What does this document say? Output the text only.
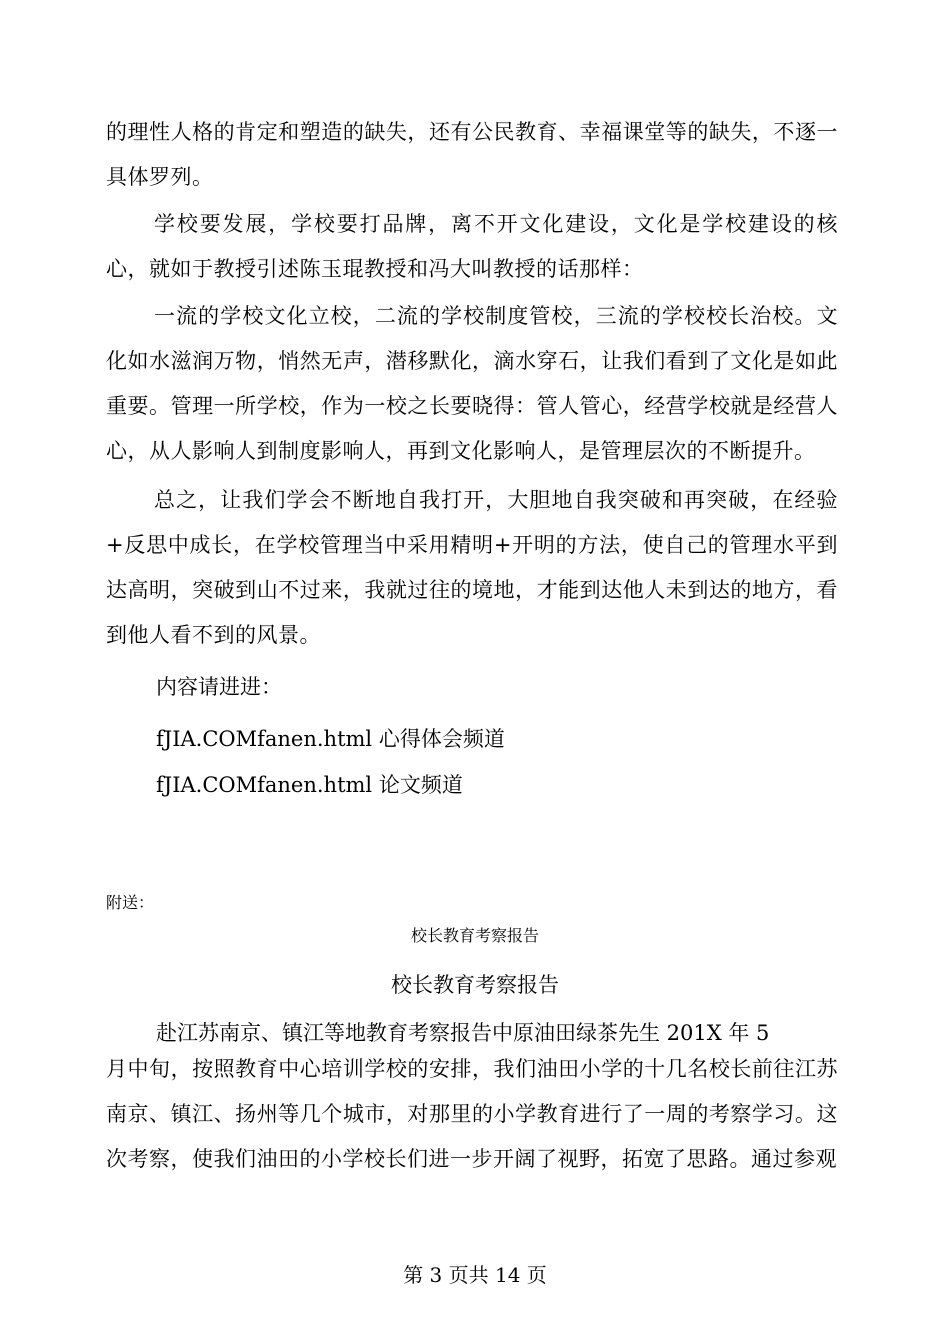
的理性人格的肯定和塑造的缺失，还有公民教育、幸福课堂等的缺失，不逐一具体罗列。

学校要发展，学校要打品牌，离不开文化建设，文化是学校建设的核心，就如于教授引述陈玉琨教授和冯大叫教授的话那样：

一流的学校文化立校，二流的学校制度管校，三流的学校校长治校。文化如水滋润万物，悄然无声，潜移默化，滴水穿石，让我们看到了文化是如此重要。管理一所学校，作为一校之长要晓得：管人管心，经营学校就是经营人心，从人影响人到制度影响人，再到文化影响人，是管理层次的不断提升。

总之，让我们学会不断地自我打开，大胆地自我突破和再突破，在经验+反思中成长，在学校管理当中采用精明+开明的方法，使自己的管理水平到达高明，突破到山不过来，我就过往的境地，才能到达他人未到达的地方，看到他人看不到的风景。

内容请进进：

fJIA.COMfanen.html 心得体会频道

fJIA.COMfanen.html 论文频道

附送：

校长教育考察报告

校长教育考察报告

赴江苏南京、镇江等地教育考察报告中原油田绿茶先生 201X 年 5

月中旬，按照教育中心培训学校的安排，我们油田小学的十几名校长前往江苏南京、镇江、扬州等几个城市，对那里的小学教育进行了一周的考察学习。这次考察，使我们油田的小学校长们进一步开阔了视野，拓宽了思路。通过参观

第 3 页共 14 页
